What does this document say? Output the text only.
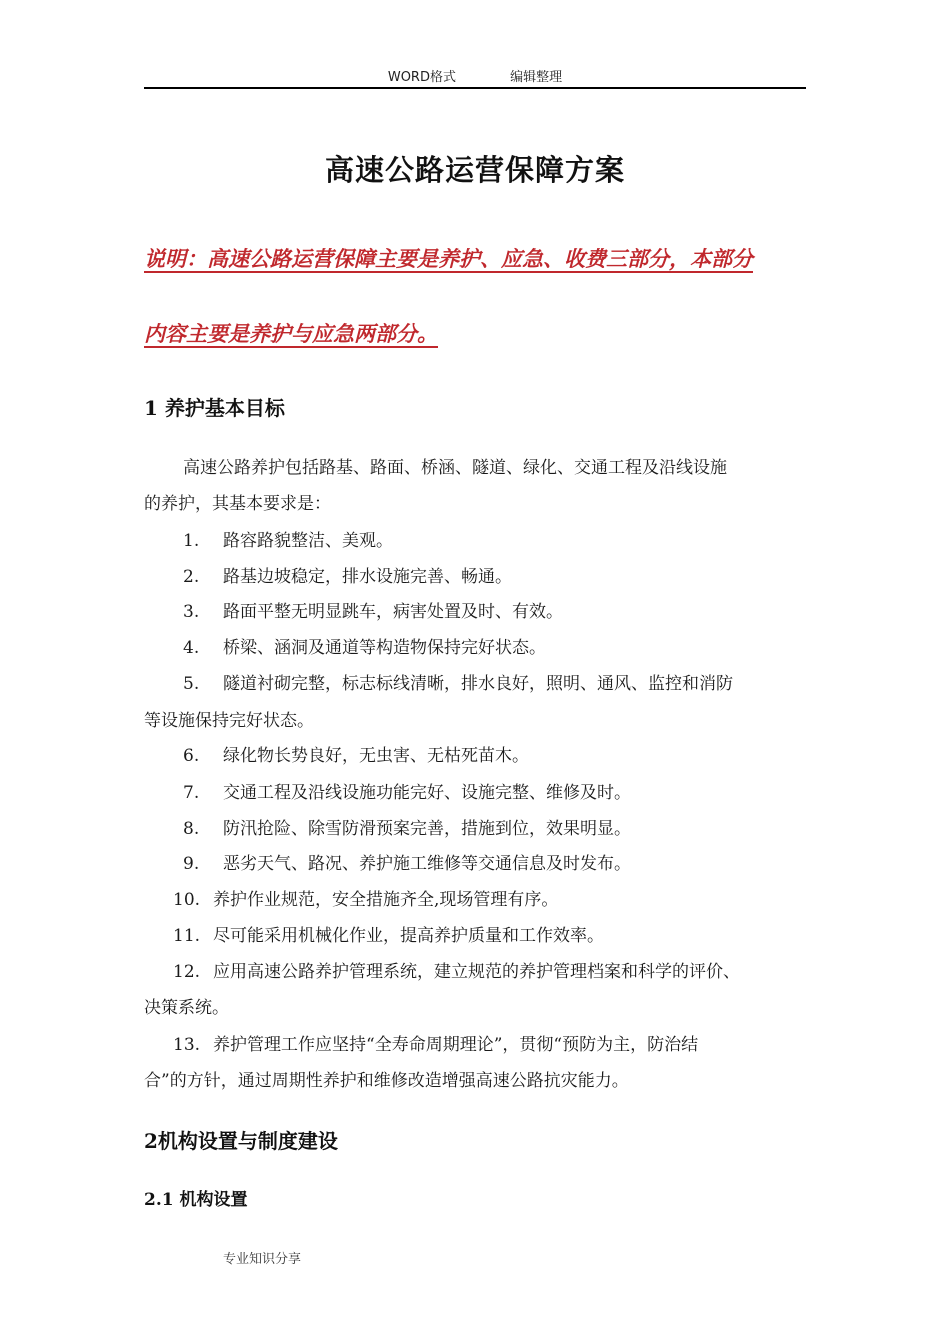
WORD格式	编辑整理
高速公路运营保障方案
说明：高速公路运营保障主要是养护、应急、收费三部分，本部分
内容主要是养护与应急两部分。
1 养护基本目标
高速公路养护包括路基、路面、桥涵、隧道、绿化、交通工程及沿线设施
的养护，其基本要求是：
1. 路容路貌整洁、美观。
2. 路基边坡稳定，排水设施完善、畅通。
3. 路面平整无明显跳车，病害处置及时、有效。
4. 桥梁、涵洞及通道等构造物保持完好状态。
5. 隧道衬砌完整，标志标线清晰，排水良好，照明、通风、监控和消防
等设施保持完好状态。
6. 绿化物长势良好，无虫害、无枯死苗木。
7. 交通工程及沿线设施功能完好、设施完整、维修及时。
8. 防汛抢险、除雪防滑预案完善，措施到位，效果明显。
9. 恶劣天气、路况、养护施工维修等交通信息及时发布。
10. 养护作业规范，安全措施齐全,现场管理有序。
11. 尽可能采用机械化作业，提高养护质量和工作效率。
12. 应用高速公路养护管理系统，建立规范的养护管理档案和科学的评价、
决策系统。
13. 养护管理工作应坚持“全寿命周期理论”，贯彻“预防为主，防治结
合”的方针，通过周期性养护和维修改造增强高速公路抗灾能力。
2机构设置与制度建设
2.1 机构设置
专业知识分享
